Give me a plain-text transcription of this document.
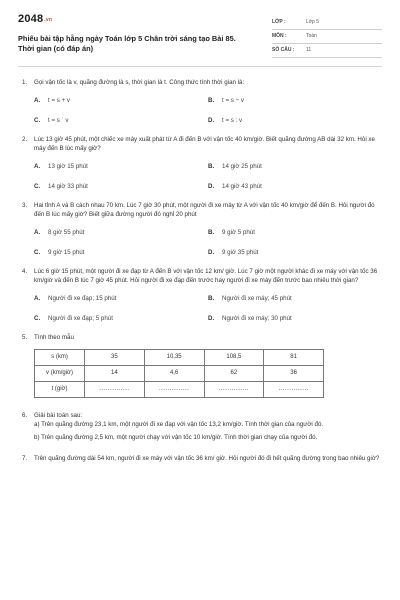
2048.vn
Phiếu bài tập hằng ngày Toán lớp 5 Chân trời sáng tạo Bài 85. Thời gian (có đáp án)
LỚP :	Lớp 5
MÔN :	Toán
SỐ CÂU :	11
1.	Gọi vận tốc là v, quãng đường là s, thời gian là t. Công thức tính thời gian là:
A.	t = s + v	B.	t = s − v
C.	t = s ˙ v	D.	t = s : v
2.	Lúc 13 giờ 45 phút, một chiếc xe máy xuất phát từ A đi đến B với vận tốc 40 km/giờ. Biết quãng đường AB dài 32 km. Hỏi xe máy đến B lúc mấy giờ?
A.	13 giờ 15 phút	B.	14 giờ 25 phút
C.	14 giờ 33 phút	D.	14 giờ 43 phút
3.	Hai tỉnh A và B cách nhau 70 km. Lúc 7 giờ 30 phút, một người đi xe máy từ A với vận tốc 40 km/giờ để đến B. Hỏi người đó đến B lúc mấy giờ? Biết giữa đường người đó nghỉ 20 phút
A.	8 giờ 55 phút	B.	9 giờ 5 phút
C.	9 giờ 15 phút	D.	9 giờ 35 phút
4.	Lúc 6 giờ 15 phút, một người đi xe đạp từ A đến B với vận tốc 12 km/ giờ. Lúc 7 giờ một người khác đi xe máy với vận tốc 36 km/giờ và đến B lúc 7 giờ 45 phút. Hỏi người đi xe đạp đến trước hay người đi xe máy đến trước bao nhiêu thời gian?
A.	Người đi xe đạp; 15 phút	B.	Người đi xe máy; 45 phút
C.	Người đi xe đạp; 5 phút	D.	Người đi xe máy; 30 phút
5.	Tính theo mẫu
s (km)	35	10,35	108,5	81
v (km/giờ)	14	4,6	62	36
t (giờ)	..............	..............	..............	..............
6.	Giải bài toán sau:
a) Trên quãng đường 23,1 km, một người đi xe đạp với vận tốc 13,2 km/giờ. Tính thời gian của người đó.
b) Trên quãng đường 2,5 km, một người chạy với vận tốc 10 km/giờ. Tính thời gian chạy của người đó.
7.	Trên quãng đường dài 54 km, người đi xe máy với vận tốc 36 km/ giờ. Hỏi người đó đi hết quãng đường trong bao nhiêu giờ?
